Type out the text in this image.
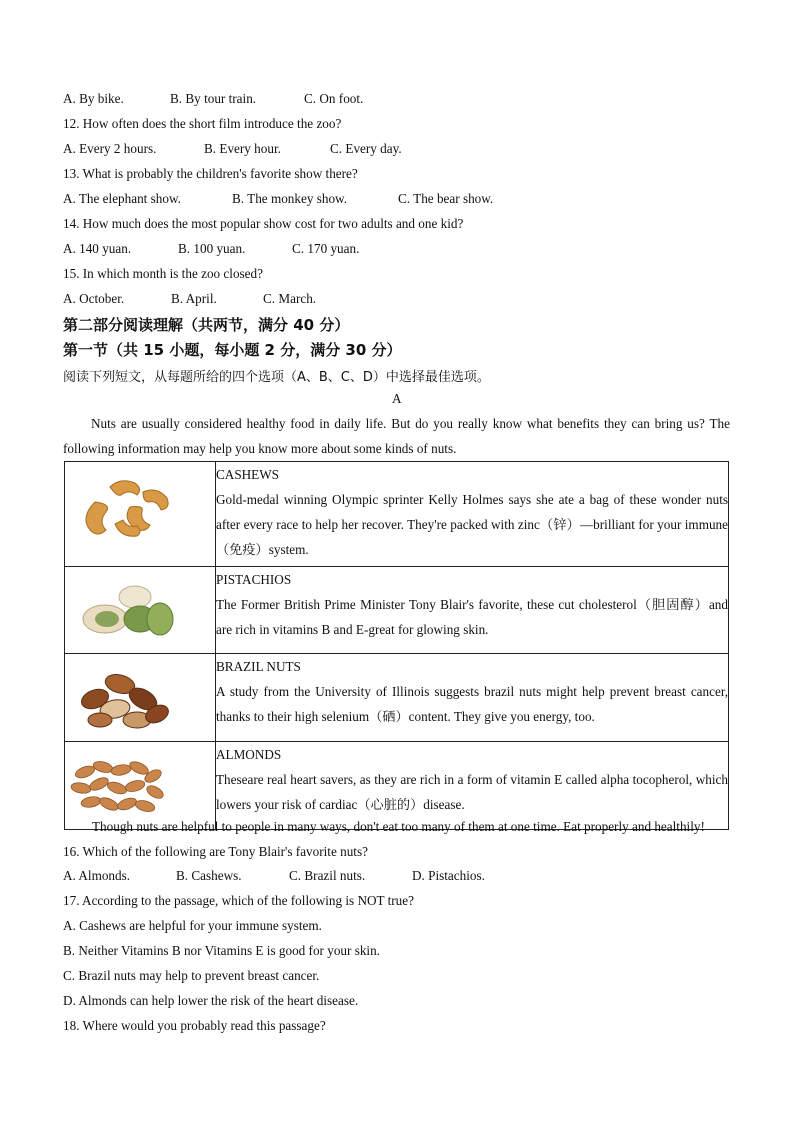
A. By bike.	B. By tour train.	C. On foot.
12. How often does the short film introduce the zoo?
A. Every 2 hours.	B. Every hour.	C. Every day.
13. What is probably the children's favorite show there?
A. The elephant show.	B. The monkey show.	C. The bear show.
14. How much does the most popular show cost for two adults and one kid?
A. 140 yuan.	B. 100 yuan.	C. 170 yuan.
15. In which month is the zoo closed?
A. October.	B. April.	C. March.
第二部分阅读理解（共两节，满分 40 分）
第一节（共 15 小题，每小题 2 分，满分 30 分）
阅读下列短文，从每题所给的四个选项（A、B、C、D）中选择最佳选项。
A
Nuts are usually considered healthy food in daily life. But do you really know what benefits they can bring us? The following information may help you know more about some kinds of nuts.

CASHEWS
Gold-medal winning Olympic sprinter Kelly Holmes says she ate a bag of these wonder nuts after every race to help her recover. They're packed with zinc（锌）—brilliant for your immune（免疫）system.

PISTACHIOS
The Former British Prime Minister Tony Blair's favorite, these cut cholesterol（胆固醇）and are rich in vitamins B and E-great for glowing skin.

BRAZIL NUTS
A study from the University of Illinois suggests brazil nuts might help prevent breast cancer, thanks to their high selenium（硒）content. They give you energy, too.

ALMONDS
Theseare real heart savers, as they are rich in a form of vitamin E called alpha tocopherol, which lowers your risk of cardiac（心脏的）disease.
Though nuts are helpful to people in many ways, don't eat too many of them at one time. Eat properly and healthily!
16. Which of the following are Tony Blair's favorite nuts?
A. Almonds.	B. Cashews.	C. Brazil nuts.	D. Pistachios.
17. According to the passage, which of the following is NOT true?
A. Cashews are helpful for your immune system.
B. Neither Vitamins B nor Vitamins E is good for your skin.
C. Brazil nuts may help to prevent breast cancer.
D. Almonds can help lower the risk of the heart disease.
18. Where would you probably read this passage?
